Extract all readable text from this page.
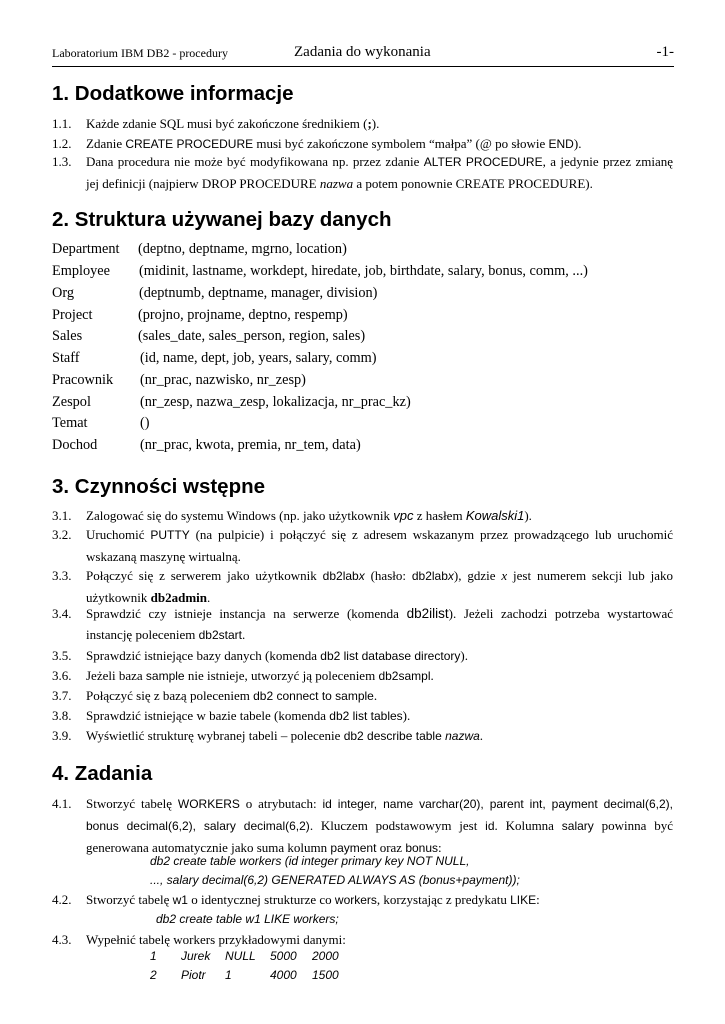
Laboratorium IBM DB2 - procedury	Zadania do wykonania	-1-
1. Dodatkowe informacje
1.1. Każde zdanie SQL musi być zakończone średnikiem (;).
1.2. Zdanie CREATE PROCEDURE musi być zakończone symbolem “małpa” (@ po słowie END).
1.3. Dana procedura nie może być modyfikowana np. przez zdanie ALTER PROCEDURE, a jedynie przez zmianę jej definicji (najpierw DROP PROCEDURE nazwa a potem ponownie CREATE PROCEDURE).
2. Struktura używanej bazy danych
Department (deptno, deptname, mgrno, location)
Employee (midinit, lastname, workdept, hiredate, job, birthdate, salary, bonus, comm, ...)
Org	(deptnumb, deptname, manager, division)
Project	(projno, projname, deptno, respemp)
Sales	(sales_date, sales_person, region, sales)
Staff	(id, name, dept, job, years, salary, comm)
Pracownik (nr_prac, nazwisko, nr_zesp)
Zespol	(nr_zesp, nazwa_zesp, lokalizacja, nr_prac_kz)
Temat	()
Dochod	(nr_prac, kwota, premia, nr_tem, data)
3. Czynności wstępne
3.1. Zalogować się do systemu Windows (np. jako użytkownik vpc z hasłem Kowalski1).
3.2. Uruchomić PUTTY (na pulpicie) i połączyć się z adresem wskazanym przez prowadzącego lub uruchomić wskazaną maszynę wirtualną.
3.3. Połączyć się z serwerem jako użytkownik db2labx (hasło: db2labx), gdzie x jest numerem sekcji lub jako użytkownik db2admin.
3.4. Sprawdzić czy istnieje instancja na serwerze (komenda db2ilist). Jeżeli zachodzi potrzeba wystartować instancję poleceniem db2start.
3.5. Sprawdzić istniejące bazy danych (komenda db2 list database directory).
3.6. Jeżeli baza sample nie istnieje, utworzyć ją poleceniem db2sampl.
3.7. Połączyć się z bazą poleceniem db2 connect to sample.
3.8. Sprawdzić istniejące w bazie tabele (komenda db2 list tables).
3.9. Wyświetlić strukturę wybranej tabeli – polecenie db2 describe table nazwa.
4. Zadania
4.1. Stworzyć tabelę WORKERS o atrybutach: id integer, name varchar(20), parent int, payment decimal(6,2), bonus decimal(6,2), salary decimal(6,2). Kluczem podstawowym jest id. Kolumna salary powinna być generowana automatycznie jako suma kolumn payment oraz bonus:
db2 create table workers (id integer primary key NOT NULL,
..., salary decimal(6,2) GENERATED ALWAYS AS (bonus+payment));
4.2. Stworzyć tabelę w1 o identycznej strukturze co workers, korzystając z predykatu LIKE:
db2 create table w1 LIKE workers;
4.3. Wypełnić tabelę workers przykładowymi danymi:
1 Jurek NULL 5000 2000
2 Piotr 1	4000 1500
